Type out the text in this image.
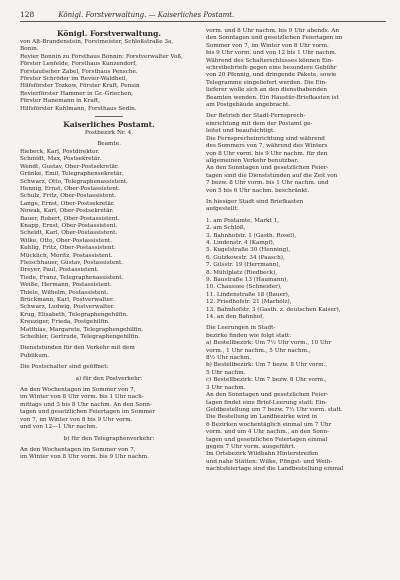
128	Königl. Forstverwaltung. — Kaiserliches Postamt.
Königl. Forstverwaltung.
von Alt-Brandenstein, Forstmeister, Schloßstraße 3a,
Bonin.
Revier Bonnin zu Forsthaus Bonnin: Forstverwalter Voß,
Förster Lenfelde, Forsthaus Kunzendorf,
Forstaufseher Zabel, Forsthaus Pensche.
Förster Schröder im Revier-Waldheil,
Hilfsförster Tozkow, Förster Kraft, Pensin
Revierförster Hammer in Gr.-Griechen,
Förster Hanemann in Kraft,
Hilfsförster Kuhlmann, Forsthaus Sedin.
Kaiserliches Postamt.
Postbezirk Nr. 4.
Beamte.
Riebeck, Karl, Postdirektor.
Schmidt, Max, Postsekretär.
Wendt, Gustav, Ober-Postsekretär.
Grünke, Emil, Telegraphensekretär.
Schwarz, Otto, Telegraphenassistent.
Hennig, Ernst, Ober-Postassistent.
Schulz, Fritz, Ober-Postassistent.
Lange, Ernst, Ober-Postsekretär.
Nowak, Karl, Ober-Postsekretär.
Bauer, Robert, Ober-Postassistent.
Knapp, Ernst, Ober-Postassistent.
Scheidt, Karl, Ober-Postassistent.
Wilke, Otto, Ober-Postassistent.
Kuhlig, Fritz, Ober-Postassistent.
Mücklich, Moritz, Postassistent.
Fleischhauer, Gustav, Postassistent.
Dreyer, Paul, Postassistent.
Tiede, Franz, Telegraphenassistent.
Weiße, Hermann, Postassistent.
Thiele, Wilhelm, Postassistent.
Brückmann, Karl, Postverwalter.
Schwarz, Ludwig, Postverwalter.
Krug, Elisabeth, Telegraphengehilfin.
Kreuziger, Frieda, Postgehilfin.
Matthias, Margarete, Telegraphengehilfin.
Scheibler, Gertrude, Telegraphengehilfin.
Dienststunden für den Verkehr mit dem
Publikum.
Die Postschalter sind geöffnet:
a) für den Postverkehr:
An den Wochentagen im Sommer von 7,
im Winter von 8 Uhr vorm. bis 1 Uhr nach-
mittags und 3 bis 8 Uhr nachm. An den Sonn-
tagen und gesetzlichen Feiertagen im Sommer
von 7, im Winter von 8 bis 9 Uhr vorm.
und von 12—1 Uhr nachm.
b) für den Telegraphenverkehr:
An den Wochentagen im Sommer von 7,
im Winter von 8 Uhr vorm. bis 9 Uhr nachm.
vorm. und 8 Uhr nachm. bis 9 Uhr abends. An
den Sonntagen und gesetzlichen Feiertagen im
Sommer von 7, im Winter von 8 Uhr vorm.
bis 9 Uhr vorm. und von 12 bis 1 Uhr nachm.
Während des Schalterschlusses können Ein-
schreibebriefe gegen eine besondere Gebühr
von 20 Pfennig, und dringende Pakete, sowie
Telegramme eingeliefert werden. Die Ein-
lieferer wolle sich an den diensthabenden
Beamten wenden. Ein Haustür-Briefkasten ist
am Postgebäude angebracht.
Der Betrieb der Stadt-Fernsprech-
einrichtung mit dem der Postamt ge-
leitet und beaufsichtigt.
Die Fernsprecheinrichtung sind während
des Sommers von 7, während des Winters
von 8 Uhr vorm. bis 9 Uhr nachm. für den
allgemeinen Verkehr benutzbar.
An den Sonntagen und gesetzlichen Feier-
tagen sind die Dienststunden auf die Zeit von
7 bezw. 8 Uhr vorm. bis 1 Uhr nachm. und
von 5 bis 6 Uhr nachm. beschränkt.
In hiesiger Stadt sind Briefkasten
aufgestellt:
1. am Postamte, Markt 1,
2. am Schloß,
3. Bahnhofstr. 1 (Gasth. Rosel),
4. Lindenstr. 4 (Kampf),
5. Kugelstraße 30 (Henning),
6. Gutzkowstr. 34 (Paasch),
7. Gilsstr. 19 (Herrmann),
8. Mühlplatz (Riedbeck),
9. Baustraße 13 (Haumann),
10. Chaussee (Schneider),
11. Lindenstraße 18 (Bauer),
12. Friedhofstr. 21 (Marholz),
13. Bahnhofstr. 3 (Gasth. z. deutschen Kaiser),
14. an den Bahnhof,
Die Leerungen in Stadt-
bezirke finden wie folgt statt:
a) Bestellbezirk: Um 7½ Uhr vorm., 10 Uhr
vorm., 1 Uhr nachm., 5 Uhr nachm.,
8½ Uhr nachm.
b) Bestellbezirk: Um 7 bezw. 8 Uhr vorm.,
5 Uhr nachm.
c) Bestellbezirk: Um 7 bezw. 8 Uhr vorm.,
3 Uhr nachm.
An den Sonntagen und gesetzlichen Feier-
tagen findet eine Brief-Leerung statt: Ein-
Geldbestellung um 7 bezw. 7½ Uhr vorm. statt.
Die Bestellung im Landbezirke wird in
6 Bezirken wochentäglich einmal um 7 Uhr
vorm. und um 4 Uhr nachm., an den Sonn-
tagen und gesetzlichen Feiertagen einmal
gegen 7 Uhr vorm. ausgeführt.
Im Ortsbezirk Wildbahn Hinterstreifen
und nahe Stätten: Wilke, Pfingst- und Weih-
nachtsfeiertage sind die Landbestellung einmal
